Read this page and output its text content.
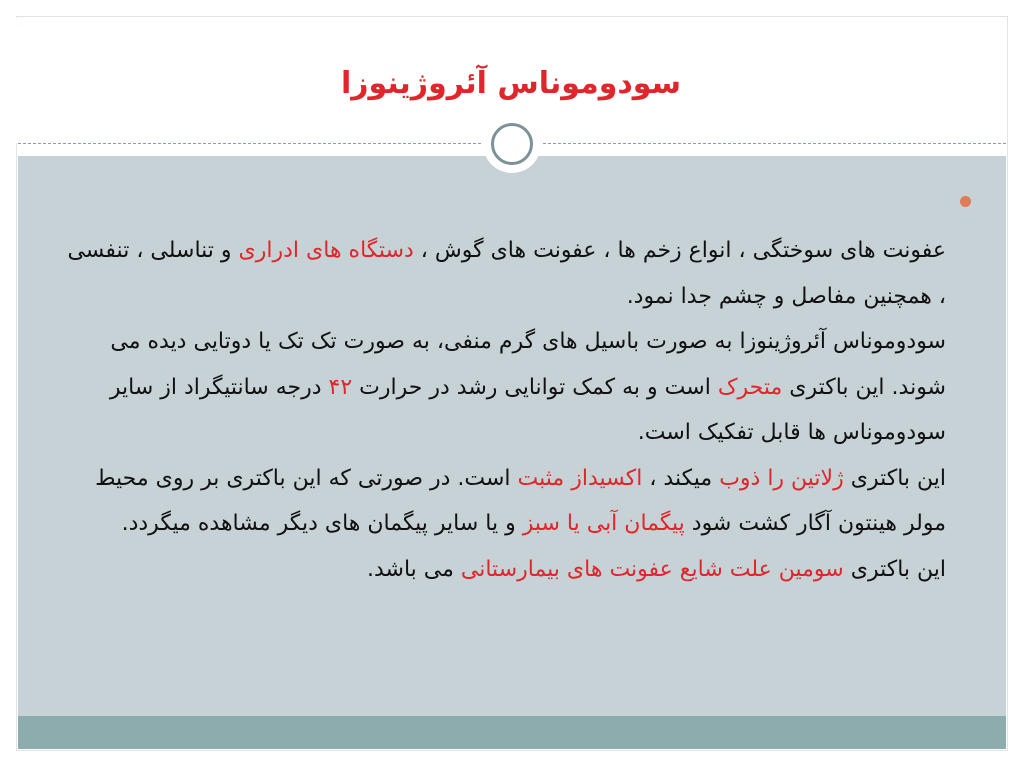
سودوموناس آئروژینوزا

عفونت های سوختگی ، انواع زخم ها ، عفونت های گوش ، دستگاه های ادراری و تناسلی ، تنفسی ، همچنین مفاصل و چشم جدا نمود.

سودوموناس آئروژینوزا به صورت باسیل های گرم منفی، به صورت تک تک یا دوتایی دیده می شوند. این باکتری متحرک است و به کمک توانایی رشد در حرارت ۴۲ درجه سانتیگراد از سایر سودوموناس ها قابل تفکیک است.

این باکتری ژلاتین را ذوب میکند ، اکسیداز مثبت است. در صورتی که این باکتری بر روی محیط مولر هینتون آگار کشت شود پیگمان آبی یا سبز و یا سایر پیگمان های دیگر مشاهده میگردد.

این باکتری سومین علت شایع عفونت های بیمارستانی می باشد.
